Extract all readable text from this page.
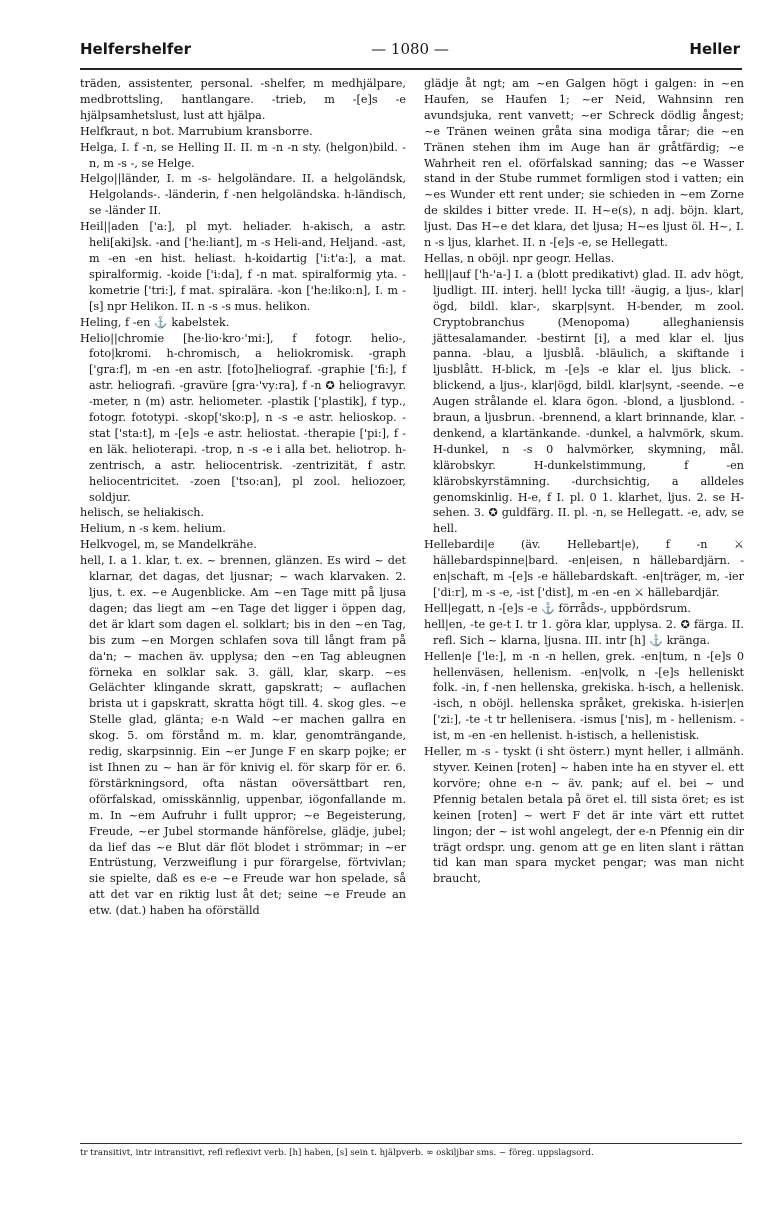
Helfershelfer	— 1080 —	Heller

träden, assistenter, personal. -shelfer, m medhjälpare, medbrottsling, hantlangare. -trieb, m -[e]s -e hjälpsamhetslust, lust att hjälpa.

Helfkraut, n bot. Marrubium kransborre.

Helga, I. f -n, se Helling II. II. m -n -n sty. (helgon)bild. -n, m -s -, se Helge.

Helgo||länder, I. m -s- helgoländare. II. a helgoländsk, Helgolands-. -länderin, f -nen helgoländska. h-ländisch, se -länder II.

Heil||aden ['a:], pl myt. heliader. h-akisch, a astr. heli[aki]sk. -and ['he:liant], m -s Heli-and, Heljand. -ast, m -en -en hist. heliast. h-koidartig ['i:t'a:], a mat. spiralformig. -koide ['i:da], f -n mat. spiralformig yta. -kometrie ['tri:], f mat. spiralära. -kon ['he:liko:n], I. m -[s] npr Helikon. II. n -s -s mus. helikon.

Heling, f -en ⚓ kabelstek.

Helio||chromie [he·lio·kro·'mi:], f fotogr. helio-, foto|kromi. h-chromisch, a heliokromisk. -graph ['gra:f], m -en -en astr. [foto]heliograf. -graphie ['fi:], f astr. heliografi. -gravüre [gra·'vy:ra], f -n ✪ heliogravyr. -meter, n (m) astr. heliometer. -plastik ['plastik], f typ., fotogr. fototypi. -skop['sko:p], n -s -e astr. helioskop. -stat ['sta:t], m -[e]s -e astr. heliostat. -therapie ['pi:], f -en läk. helioterapi. -trop, n -s -e i alla bet. heliotrop. h-zentrisch, a astr. heliocentrisk. -zentrizität, f astr. heliocentricitet. -zoen ['tso:an], pl zool. heliozoer, soldjur.

helisch, se heliakisch.

Helium, n -s kem. helium.

Helkvogel, m, se Mandelkrähe.

hell, I. a 1. klar, t. ex. ~ brennen, glänzen. Es wird ~ det klarnar, det dagas, det ljusnar; ~ wach klarvaken. 2. ljus, t. ex. ~e Augenblicke. Am ~en Tage mitt på ljusa dagen; das liegt am ~en Tage det ligger i öppen dag, det är klart som dagen el. solklart; bis in den ~en Tag, bis zum ~en Morgen schlafen sova till långt fram på da'n; ~ machen äv. upplysa; den ~en Tag ableugnen förneka en solklar sak. 3. gäll, klar, skarp. ~es Gelächter klingande skratt, gapskratt; ~ auflachen brista ut i gapskratt, skratta högt till. 4. skog gles. ~e Stelle glad, glänta; e-n Wald ~er machen gallra en skog. 5. om förstånd m. m. klar, genomträngande, redig, skarpsinnig. Ein ~er Junge F en skarp pojke; er ist Ihnen zu ~ han är för knivig el. för skarp för er. 6. förstärkningsord, ofta nästan oöversättbart ren, oförfalskad, omisskännlig, uppenbar, iögonfallande m. m. In ~em Aufruhr i fullt uppror; ~e Begeisterung, Freude, ~er Jubel stormande hänförelse, glädje, jubel; da lief das ~e Blut där flöt blodet i strömmar; in ~er Entrüstung, Verzweiflung i pur förargelse, förtvivlan; sie spielte, daß es e-e ~e Freude war hon spelade, så att det var en riktig lust åt det; seine ~e Freude an etw. (dat.) haben ha oförställd

glädje åt ngt; am ~en Galgen högt i galgen: in ~en Haufen, se Haufen 1; ~er Neid, Wahnsinn ren avundsjuka, rent vanvett; ~er Schreck dödlig ångest; ~e Tränen weinen gråta sina modiga tårar; die ~en Tränen stehen ihm im Auge han är gråtfärdig; ~e Wahrheit ren el. oförfalskad sanning; das ~e Wasser stand in der Stube rummet formligen stod i vatten; ein ~es Wunder ett rent under; sie schieden in ~em Zorne de skildes i bitter vrede. II. H~e(s), n adj. böjn. klart, ljust. Das H~e det klara, det ljusa; H~es ljust öl. H~, I. n -s ljus, klarhet. II. n -[e]s -e, se Hellegatt.

Hellas, n oböjl. npr geogr. Hellas.

hell||auf ['h-'a-] I. a (blott predikativt) glad. II. adv högt, ljudligt. III. interj. hell! lycka till! -äugig, a ljus-, klar|ögd, bildl. klar-, skarp|synt. H-bender, m zool. Cryptobranchus (Menopoma) alleghaniensis jättesalamander. -bestirnt [i], a med klar el. ljus panna. -blau, a ljusblå. -bläulich, a skiftande i ljusblått. H-blick, m -[e]s -e klar el. ljus blick. -blickend, a ljus-, klar|ögd, bildl. klar|synt, -seende. ~e Augen strålande el. klara ögon. -blond, a ljusblond. -braun, a ljusbrun. -brennend, a klart brinnande, klar. -denkend, a klartänkande. -dunkel, a halvmörk, skum. H-dunkel, n -s 0 halvmörker, skymning, mål. klärobskyr. H-dunkelstimmung, f -en klärobskyrstämning. -durchsichtig, a alldeles genomskinlig. H-e, f I. pl. 0 1. klarhet, ljus. 2. se H-sehen. 3. ✪ guldfärg. II. pl. -n, se Hellegatt. -e, adv, se hell.

Hellebardi|e (äv. Hellebart|e), f -n ⚔ hällebardspinne|bard. -en|eisen, n hällebardjärn. -en|schaft, m -[e]s -e hällebardskaft. -en|träger, m, -ier ['di:r], m -s -e, -ist ['dist], m -en -en ⚔ hällebardjär.

Hell|egatt, n -[e]s -e ⚓ förråds-, uppbördsrum.

hell|en, -te ge-t I. tr 1. göra klar, upplysa. 2. ✪ färga. II. refl. Sich ~ klarna, ljusna. III. intr [h] ⚓ kränga.

Hellen|e ['le:], m -n -n hellen, grek. -en|tum, n -[e]s 0 hellenväsen, hellenism. -en|volk, n -[e]s helleniskt folk. -in, f -nen hellenska, grekiska. h-isch, a hellenisk. -isch, n oböjl. hellenska språket, grekiska. h-isier|en ['zi:], -te -t tr hellenisera. -ismus ['nis], m - hellenism. -ist, m -en -en hellenist. h-istisch, a hellenistisk.

Heller, m -s - tyskt (i sht österr.) mynt heller, i allmänh. styver. Keinen [roten] ~ haben inte ha en styver el. ett korvöre; ohne e-n ~ äv. pank; auf el. bei ~ und Pfennig betalen betala på öret el. till sista öret; es ist keinen [roten] ~ wert F det är inte värt ett ruttet lingon; der ~ ist wohl angelegt, der e-n Pfennig ein dir trägt ordspr. ung. genom att ge en liten slant i rättan tid kan man spara mycket pengar; was man nicht braucht,

tr transitivt, intr intransitivt, refl reflexivt verb. [h] haben, [s] sein t. hjälpverb. ∞ oskiljbar sms. ~ föreg. uppslagsord.
